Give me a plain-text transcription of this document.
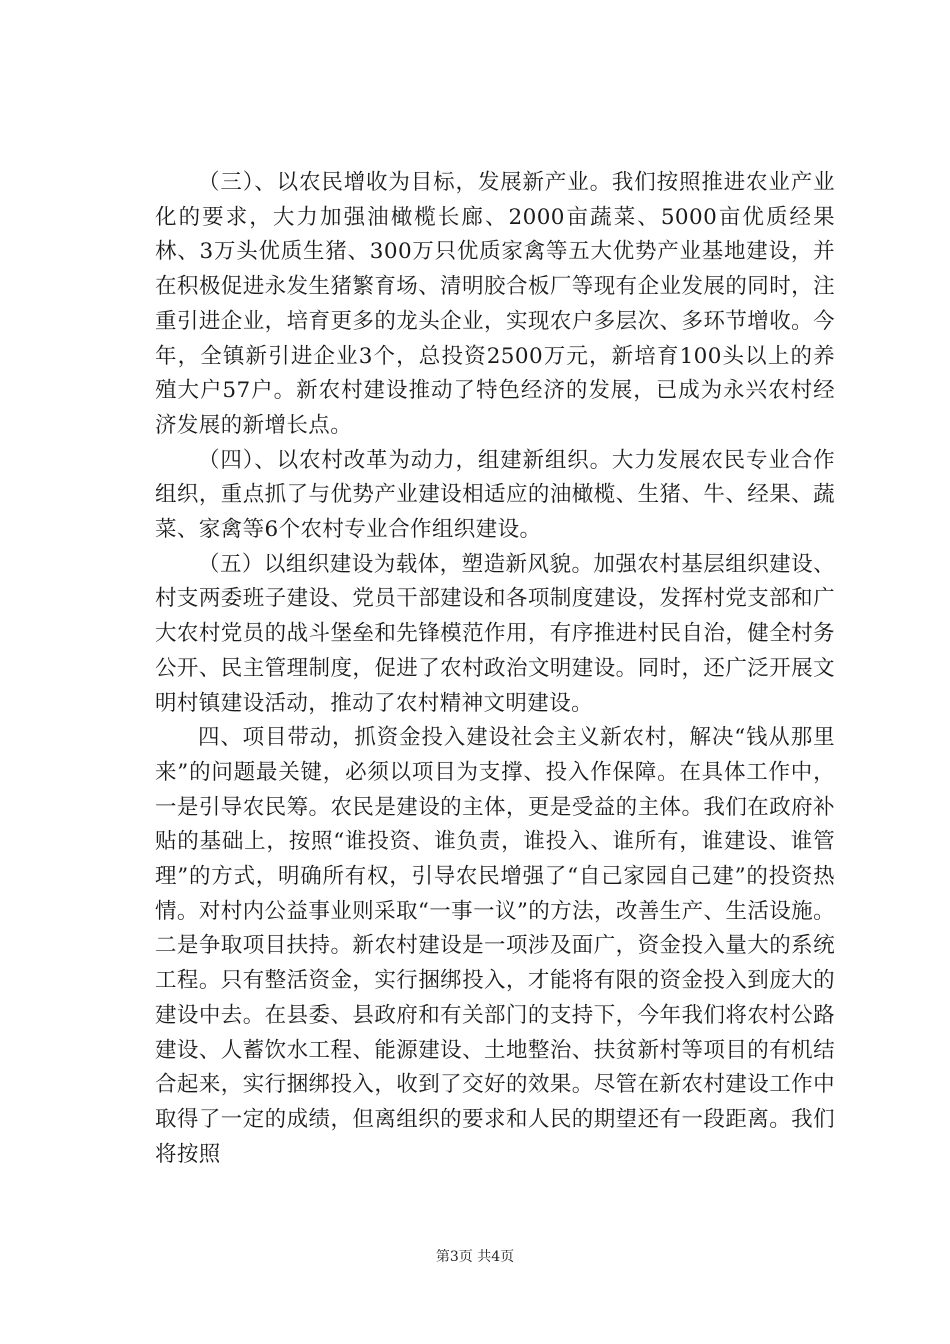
（三）、以农民增收为目标，发展新产业。我们按照推进农业产业化的要求，大力加强油橄榄长廊、2000亩蔬菜、5000亩优质经果林、3万头优质生猪、300万只优质家禽等五大优势产业基地建设，并在积极促进永发生猪繁育场、清明胶合板厂等现有企业发展的同时，注重引进企业，培育更多的龙头企业，实现农户多层次、多环节增收。今年，全镇新引进企业3个，总投资2500万元，新培育100头以上的养殖大户57户。新农村建设推动了特色经济的发展，已成为永兴农村经济发展的新增长点。

（四）、以农村改革为动力，组建新组织。大力发展农民专业合作组织，重点抓了与优势产业建设相适应的油橄榄、生猪、牛、经果、蔬菜、家禽等6个农村专业合作组织建设。

（五）以组织建设为载体，塑造新风貌。加强农村基层组织建设、村支两委班子建设、党员干部建设和各项制度建设，发挥村党支部和广大农村党员的战斗堡垒和先锋模范作用，有序推进村民自治，健全村务公开、民主管理制度，促进了农村政治文明建设。同时，还广泛开展文明村镇建设活动，推动了农村精神文明建设。

四、项目带动，抓资金投入建设社会主义新农村，解决“钱从那里来”的问题最关键，必须以项目为支撑、投入作保障。在具体工作中，一是引导农民筹。农民是建设的主体，更是受益的主体。我们在政府补贴的基础上，按照“谁投资、谁负责，谁投入、谁所有，谁建设、谁管理”的方式，明确所有权，引导农民增强了“自己家园自己建”的投资热情。对村内公益事业则采取“一事一议”的方法，改善生产、生活设施。二是争取项目扶持。新农村建设是一项涉及面广，资金投入量大的系统工程。只有整活资金，实行捆绑投入，才能将有限的资金投入到庞大的建设中去。在县委、县政府和有关部门的支持下，今年我们将农村公路建设、人蓄饮水工程、能源建设、土地整治、扶贫新村等项目的有机结合起来，实行捆绑投入，收到了交好的效果。尽管在新农村建设工作中取得了一定的成绩，但离组织的要求和人民的期望还有一段距离。我们将按照

第3页 共4页
